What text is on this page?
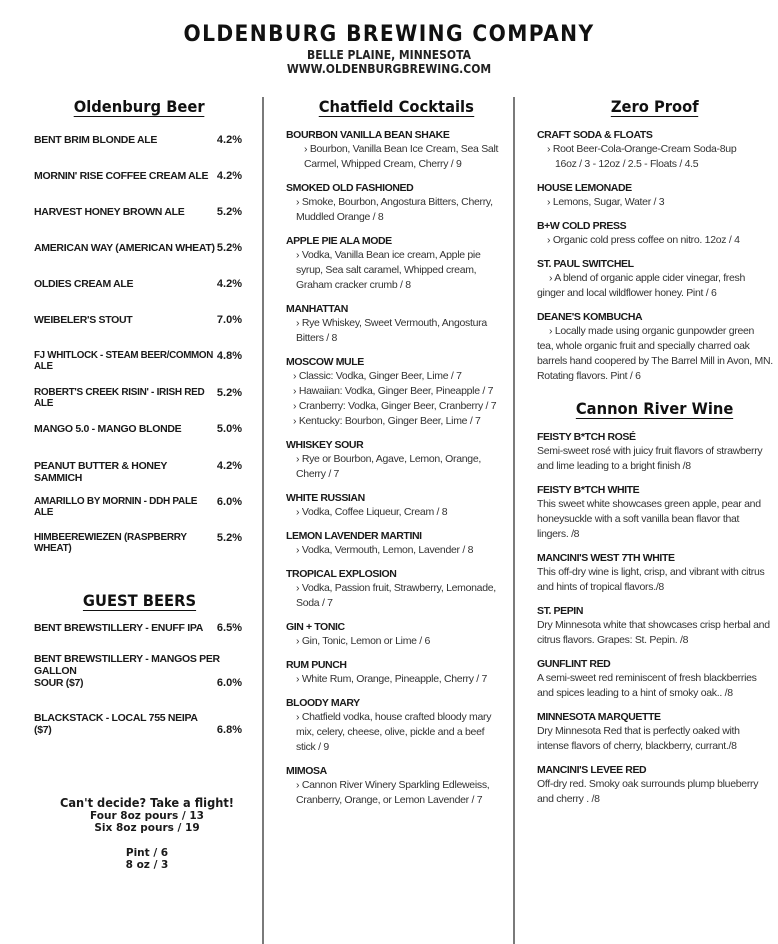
OLDENBURG BREWING COMPANY
BELLE PLAINE, MINNESOTA
WWW.OLDENBURGBREWING.COM
Oldenburg Beer
BENT BRIM BLONDE ALE	4.2%
MORNIN' RISE COFFEE CREAM ALE 4.2%
HARVEST HONEY BROWN ALE	5.2%
AMERICAN WAY (AMERICAN WHEAT) 5.2%
OLDIES CREAM ALE	4.2%
WEIBELER'S STOUT	7.0%
FJ WHITLOCK - STEAM BEER/COMMON ALE
4.8%
ROBERT'S CREEK RISIN' - IRISH RED ALE
5.2%
MANGO 5.0 - MANGO BLONDE	5.0%
PEANUT BUTTER & HONEY SAMMICH
4.2%
AMARILLO BY MORNIN - DDH PALE ALE
6.0%
HIMBEEREWIEZEN (RASPBERRY WHEAT)
5.2%
GUEST BEERS
BENT BREWSTILLERY - ENUFF IPA 6.5%
BENT BREWSTILLERY - MANGOS PER GALLON
SOUR ($7)	6.0%
BLACKSTACK - LOCAL 755 NEIPA ($7)	6.8%
Can't decide? Take a flight!
Four 8oz pours / 13
Six 8oz pours / 19
Pint / 6
8 oz / 3
Chatfield Cocktails
BOURBON VANILLA BEAN SHAKE
› Bourbon, Vanilla Bean Ice Cream, Sea Salt
Carmel, Whipped Cream, Cherry / 9
SMOKED OLD FASHIONED
› Smoke, Bourbon, Angostura Bitters, Cherry,
Muddled Orange / 8
APPLE PIE ALA MODE
› Vodka, Vanilla Bean ice cream, Apple pie
syrup, Sea salt caramel, Whipped cream,
Graham cracker crumb / 8
MANHATTAN
› Rye Whiskey, Sweet Vermouth, Angostura
Bitters / 8
MOSCOW MULE
› Classic: Vodka, Ginger Beer, Lime / 7
› Hawaiian: Vodka, Ginger Beer, Pineapple / 7
› Cranberry: Vodka, Ginger Beer, Cranberry / 7
› Kentucky: Bourbon, Ginger Beer, Lime / 7
WHISKEY SOUR
› Rye or Bourbon, Agave, Lemon, Orange,
Cherry / 7
WHITE RUSSIAN
› Vodka, Coffee Liqueur, Cream / 8
LEMON LAVENDER MARTINI
› Vodka, Vermouth, Lemon, Lavender / 8
TROPICAL EXPLOSION
› Vodka, Passion fruit, Strawberry, Lemonade,
Soda / 7
GIN + TONIC
› Gin, Tonic, Lemon or Lime / 6
RUM PUNCH
› White Rum, Orange, Pineapple, Cherry / 7
BLOODY MARY
› Chatfield vodka, house crafted bloody mary
mix, celery, cheese, olive, pickle and a beef
stick / 9
MIMOSA
› Cannon River Winery Sparkling Edleweiss,
Cranberry, Orange, or Lemon Lavender / 7
Zero Proof
CRAFT SODA & FLOATS
› Root Beer-Cola-Orange-Cream Soda-8up
16oz / 3 - 12oz / 2.5 - Floats / 4.5
HOUSE LEMONADE
› Lemons, Sugar, Water / 3
B+W COLD PRESS
› Organic cold press coffee on nitro. 12oz / 4
ST. PAUL SWITCHEL
› A blend of organic apple cider vinegar, fresh ginger and local wildflower honey. Pint / 6
DEANE'S KOMBUCHA
› Locally made using organic gunpowder green tea, whole organic fruit and specially charred oak barrels hand coopered by The Barrel Mill in Avon, MN. Rotating flavors. Pint / 6
Cannon River Wine
FEISTY B*TCH ROSÉ
Semi-sweet rosé with juicy fruit flavors of strawberry and lime leading to a bright finish /8
FEISTY B*TCH WHITE
This sweet white showcases green apple, pear and honeysuckle with a soft vanilla bean flavor that lingers. /8
MANCINI'S WEST 7TH WHITE
This off-dry wine is light, crisp, and vibrant with citrus and hints of tropical flavors./8
ST. PEPIN
Dry Minnesota white that showcases crisp herbal and citrus flavors. Grapes: St. Pepin. /8
GUNFLINT RED
A semi-sweet red reminiscent of fresh blackberries and spices leading to a hint of smoky oak.. /8
MINNESOTA MARQUETTE
Dry Minnesota Red that is perfectly oaked with intense flavors of cherry, blackberry, currant./8
MANCINI'S LEVEE RED
Off-dry red. Smoky oak surrounds plump blueberry and cherry . /8
